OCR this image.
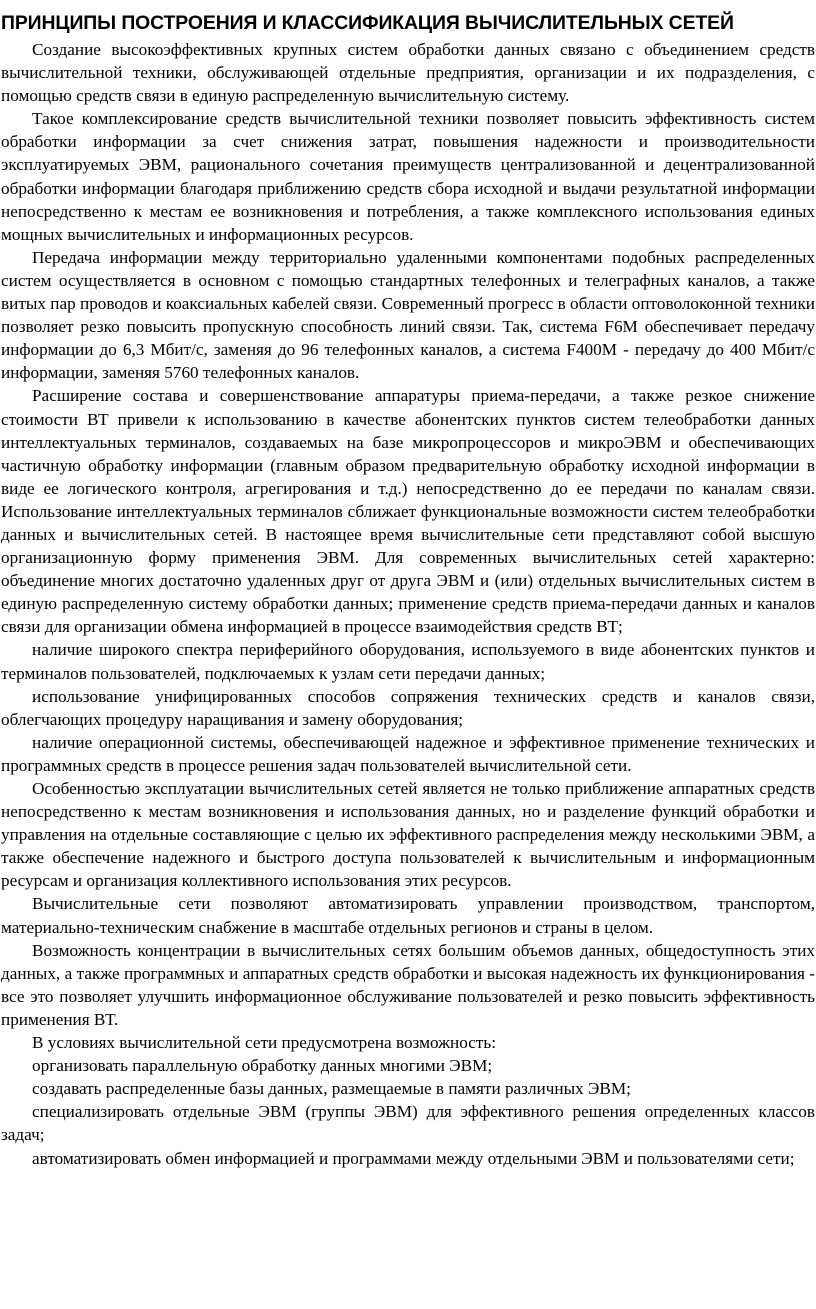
ПРИНЦИПЫ ПОСТРОЕНИЯ И КЛАССИФИКАЦИЯ ВЫЧИСЛИТЕЛЬНЫХ СЕТЕЙ

Создание высокоэффективных крупных систем обработки данных связано с объединением средств вычислительной техники, обслуживающей отдельные предприятия, организации и их подразделения, с помощью средств связи в единую распределенную вычислительную систему.

Такое комплексирование средств вычислительной техники позволяет повысить эффективность систем обработки информации за счет снижения затрат, повышения надежности и производительности эксплуатируемых ЭВМ, рационального сочетания преимуществ централизованной и децентрализованной обработки информации благодаря приближению средств сбора исходной и выдачи результатной информации непосредственно к местам ее возникновения и потребления, а также комплексного использования единых мощных вычислительных и информационных ресурсов.

Передача информации между территориально удаленными компонентами подобных распределенных систем осуществляется в основном с помощью стандартных телефонных и телеграфных каналов, а также витых пар проводов и коаксиальных кабелей связи. Современный прогресс в области оптоволоконной техники позволяет резко повысить пропускную способность линий связи. Так, система F6M обеспечивает передачу информации до 6,3 Мбит/с, заменяя до 96 телефонных каналов, а система F400M - передачу до 400 Мбит/с информации, заменяя 5760 телефонных каналов.

Расширение состава и совершенствование аппаратуры приема-передачи, а также резкое снижение стоимости ВТ привели к использованию в качестве абонентских пунктов систем телеобработки данных интеллектуальных терминалов, создаваемых на базе микропроцессоров и микроЭВМ и обеспечивающих частичную обработку информации (главным образом предварительную обработку исходной информации в виде ее логического контроля, агрегирования и т.д.) непосредственно до ее передачи по каналам связи. Использование интеллектуальных терминалов сближает функциональные возможности систем телеобработки данных и вычислительных сетей. В настоящее время вычислительные сети представляют собой высшую организационную форму применения ЭВМ. Для современных вычислительных сетей характерно: объединение многих достаточно удаленных друг от друга ЭВМ и (или) отдельных вычислительных систем в единую распределенную систему обработки данных; применение средств приема-передачи данных и каналов связи для организации обмена информацией в процессе взаимодействия средств ВТ;

наличие широкого спектра периферийного оборудования, используемого в виде абонентских пунктов и терминалов пользователей, подключаемых к узлам сети передачи данных;

использование унифицированных способов сопряжения технических средств и каналов связи, облегчающих процедуру наращивания и замену оборудования;

наличие операционной системы, обеспечивающей надежное и эффективное применение технических и программных средств в процессе решения задач пользователей вычислительной сети.

Особенностью эксплуатации вычислительных сетей является не только приближение аппаратных средств непосредственно к местам возникновения и использования данных, но и разделение функций обработки и управления на отдельные составляющие с целью их эффективного распределения между несколькими ЭВМ, а также обеспечение надежного и быстрого доступа пользователей к вычислительным и информационным ресурсам и организация коллективного использования этих ресурсов.

Вычислительные сети позволяют автоматизировать управлении производством, транспортом, материально-техническим снабжение в масштабе отдельных регионов и страны в целом.

Возможность концентрации в вычислительных сетях большим объемов данных, общедоступность этих данных, а также программных и аппаратных средств обработки и высокая надежность их функционирования - все это позволяет улучшить информационное обслуживание пользователей и резко повысить эффективность применения ВТ.

В условиях вычислительной сети предусмотрена возможность:

организовать параллельную обработку данных многими ЭВМ;

создавать распределенные базы данных, размещаемые в памяти различных ЭВМ;

специализировать отдельные ЭВМ (группы ЭВМ) для эффективного решения определенных классов задач;

автоматизировать обмен информацией и программами между отдельными ЭВМ и пользователями сети;
